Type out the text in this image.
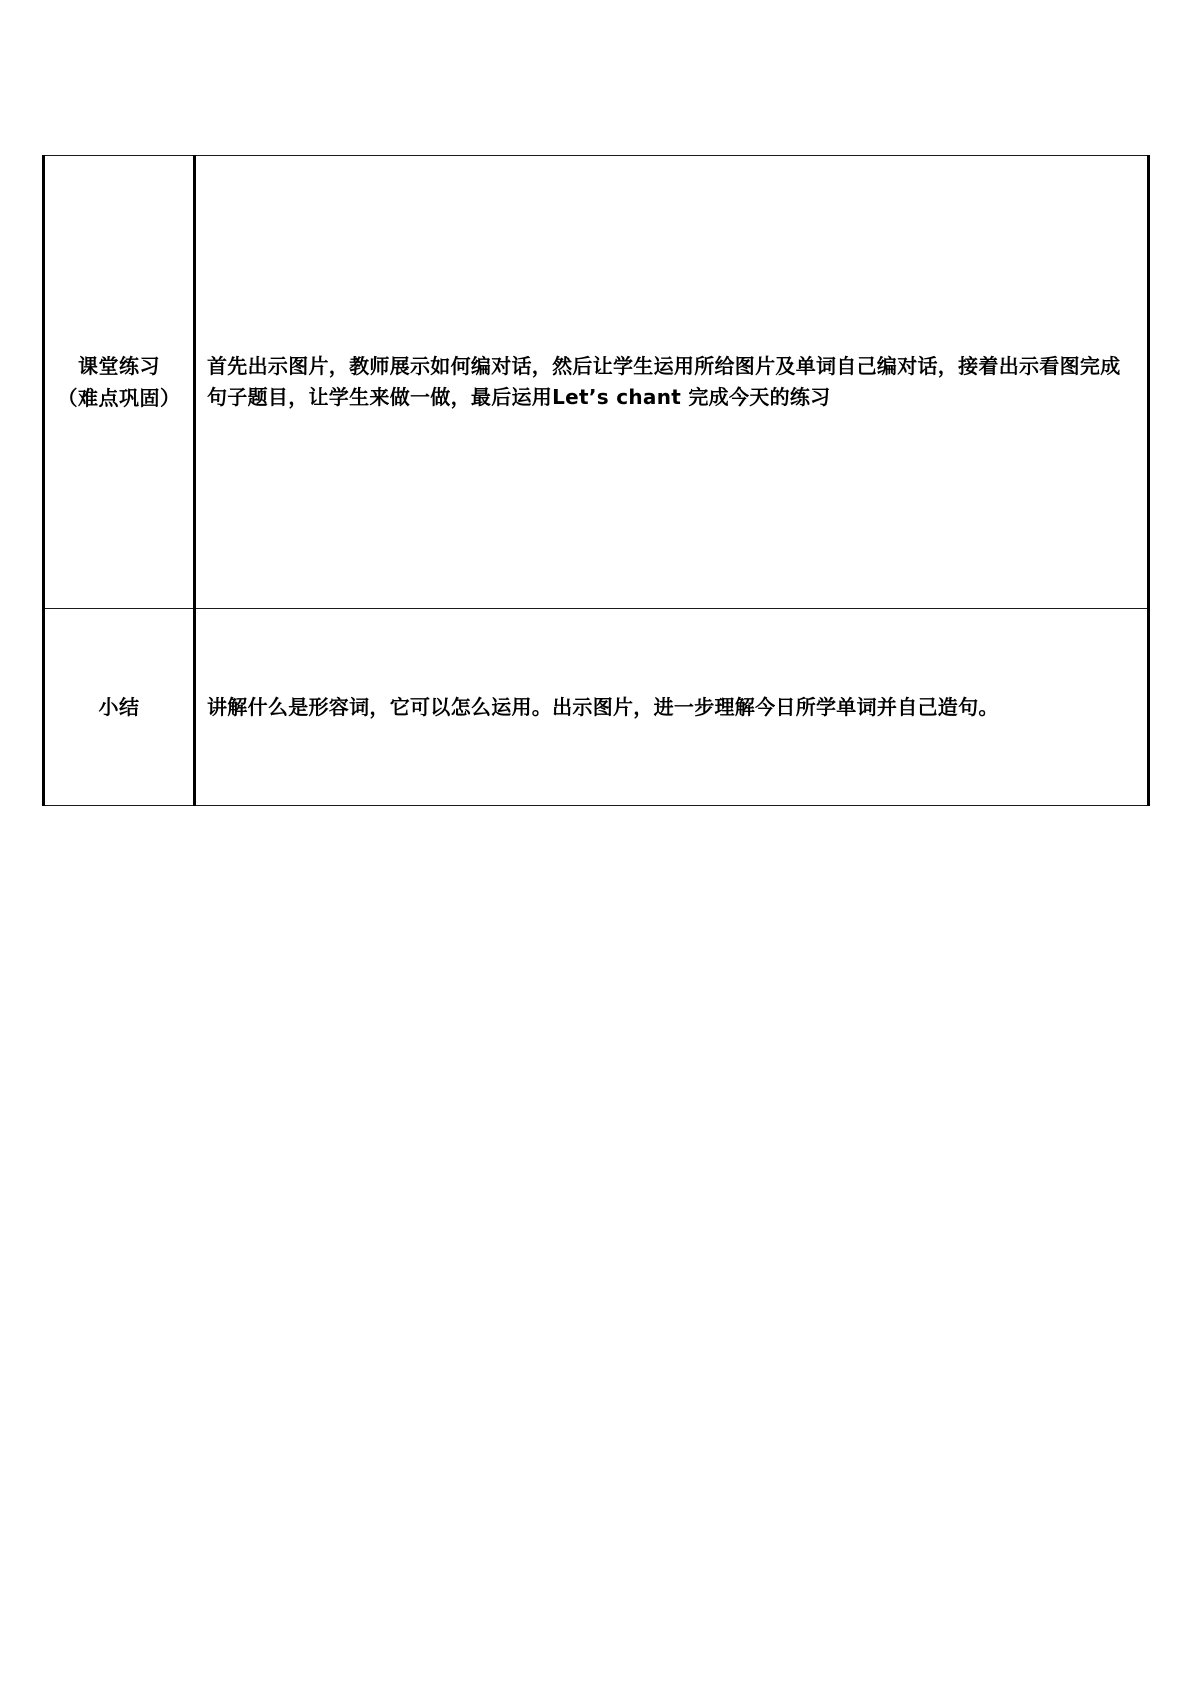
课堂练习
（难点巩固）	首先出示图片，教师展示如何编对话，然后让学生运用所给图片及单词自己编对话，接着出示看图完成句子题目，让学生来做一做，最后运用Let’s chant 完成今天的练习

小结	讲解什么是形容词，它可以怎么运用。出示图片，进一步理解今日所学单词并自己造句。
